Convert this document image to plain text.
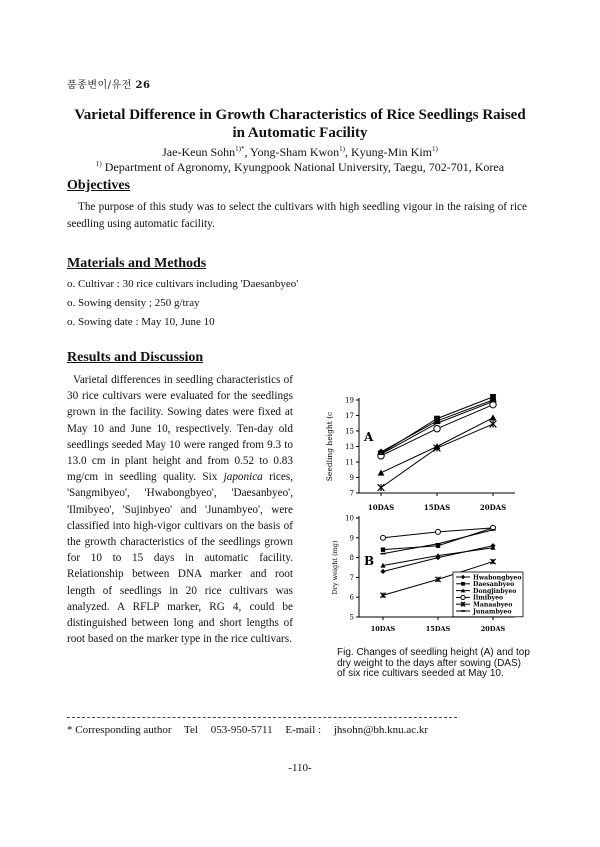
품종변이/유전 26
Varietal Difference in Growth Characteristics of Rice Seedlings Raised
in Automatic Facility
Jae-Keun Sohn$^{1)*}$, Yong-Sham Kwon$^{1)}$, Kyung-Min Kim$^{1)}$
$^{1)}$ Department of Agronomy, Kyungpook National University, Taegu, 702-701, Korea
Objectives
The purpose of this study was to select the cultivars with high seedling vigour in the raising of rice seedling using automatic facility.
Materials and Methods
o. Cultivar : 30 rice cultivars including 'Daesanbyeo'
o. Sowing density ; 250 g/tray
o. Sowing date : May 10, June 10
Results and Discussion
Varietal differences in seedling characteristics of 30 rice cultivars were evaluated for the seedlings grown in the facility. Sowing dates were fixed at May 10 and June 10, respectively. Ten-day old seedlings seeded May 10 were ranged from 9.3 to 13.0 cm in plant height and from 0.52 to 0.83 mg/cm in seedling quality. Six japonica rices, 'Sangmibyeo', 'Hwabongbyeo', 'Daesanbyeo', 'Ilmibyeo', 'Sujinbyeo' and 'Junambyeo', were classified into high-vigor cultivars on the basis of the growth characteristics of the seedlings grown for 10 to 15 days in automatic facility. Relationship between DNA marker and root length of seedlings in 20 rice cultivars was analyzed. A RFLP marker, RG 4, could be distinguished between long and short lengths of root based on the marker type in the rice cultivars.
7
9
11
13
15
17
19
10DAS	15DAS	20DAS
Seedling height (c	A
5
6
7
8
9
10
10DAS	15DAS	20DAS
Dry weight (mg) B
Hwabongbyeo
Daesanbyeo
Dongjinbyeo
Ilmibyeo
Manaabyeo
Junambyeo
Fig. Changes of seedling height (A) and top dry weight to the days after sowing (DAS) of six rice cultivars seeded at May 10.
* Corresponding author Tel 053-950-5711 E-mail : jhsohn@bh.knu.ac.kr
-110-
